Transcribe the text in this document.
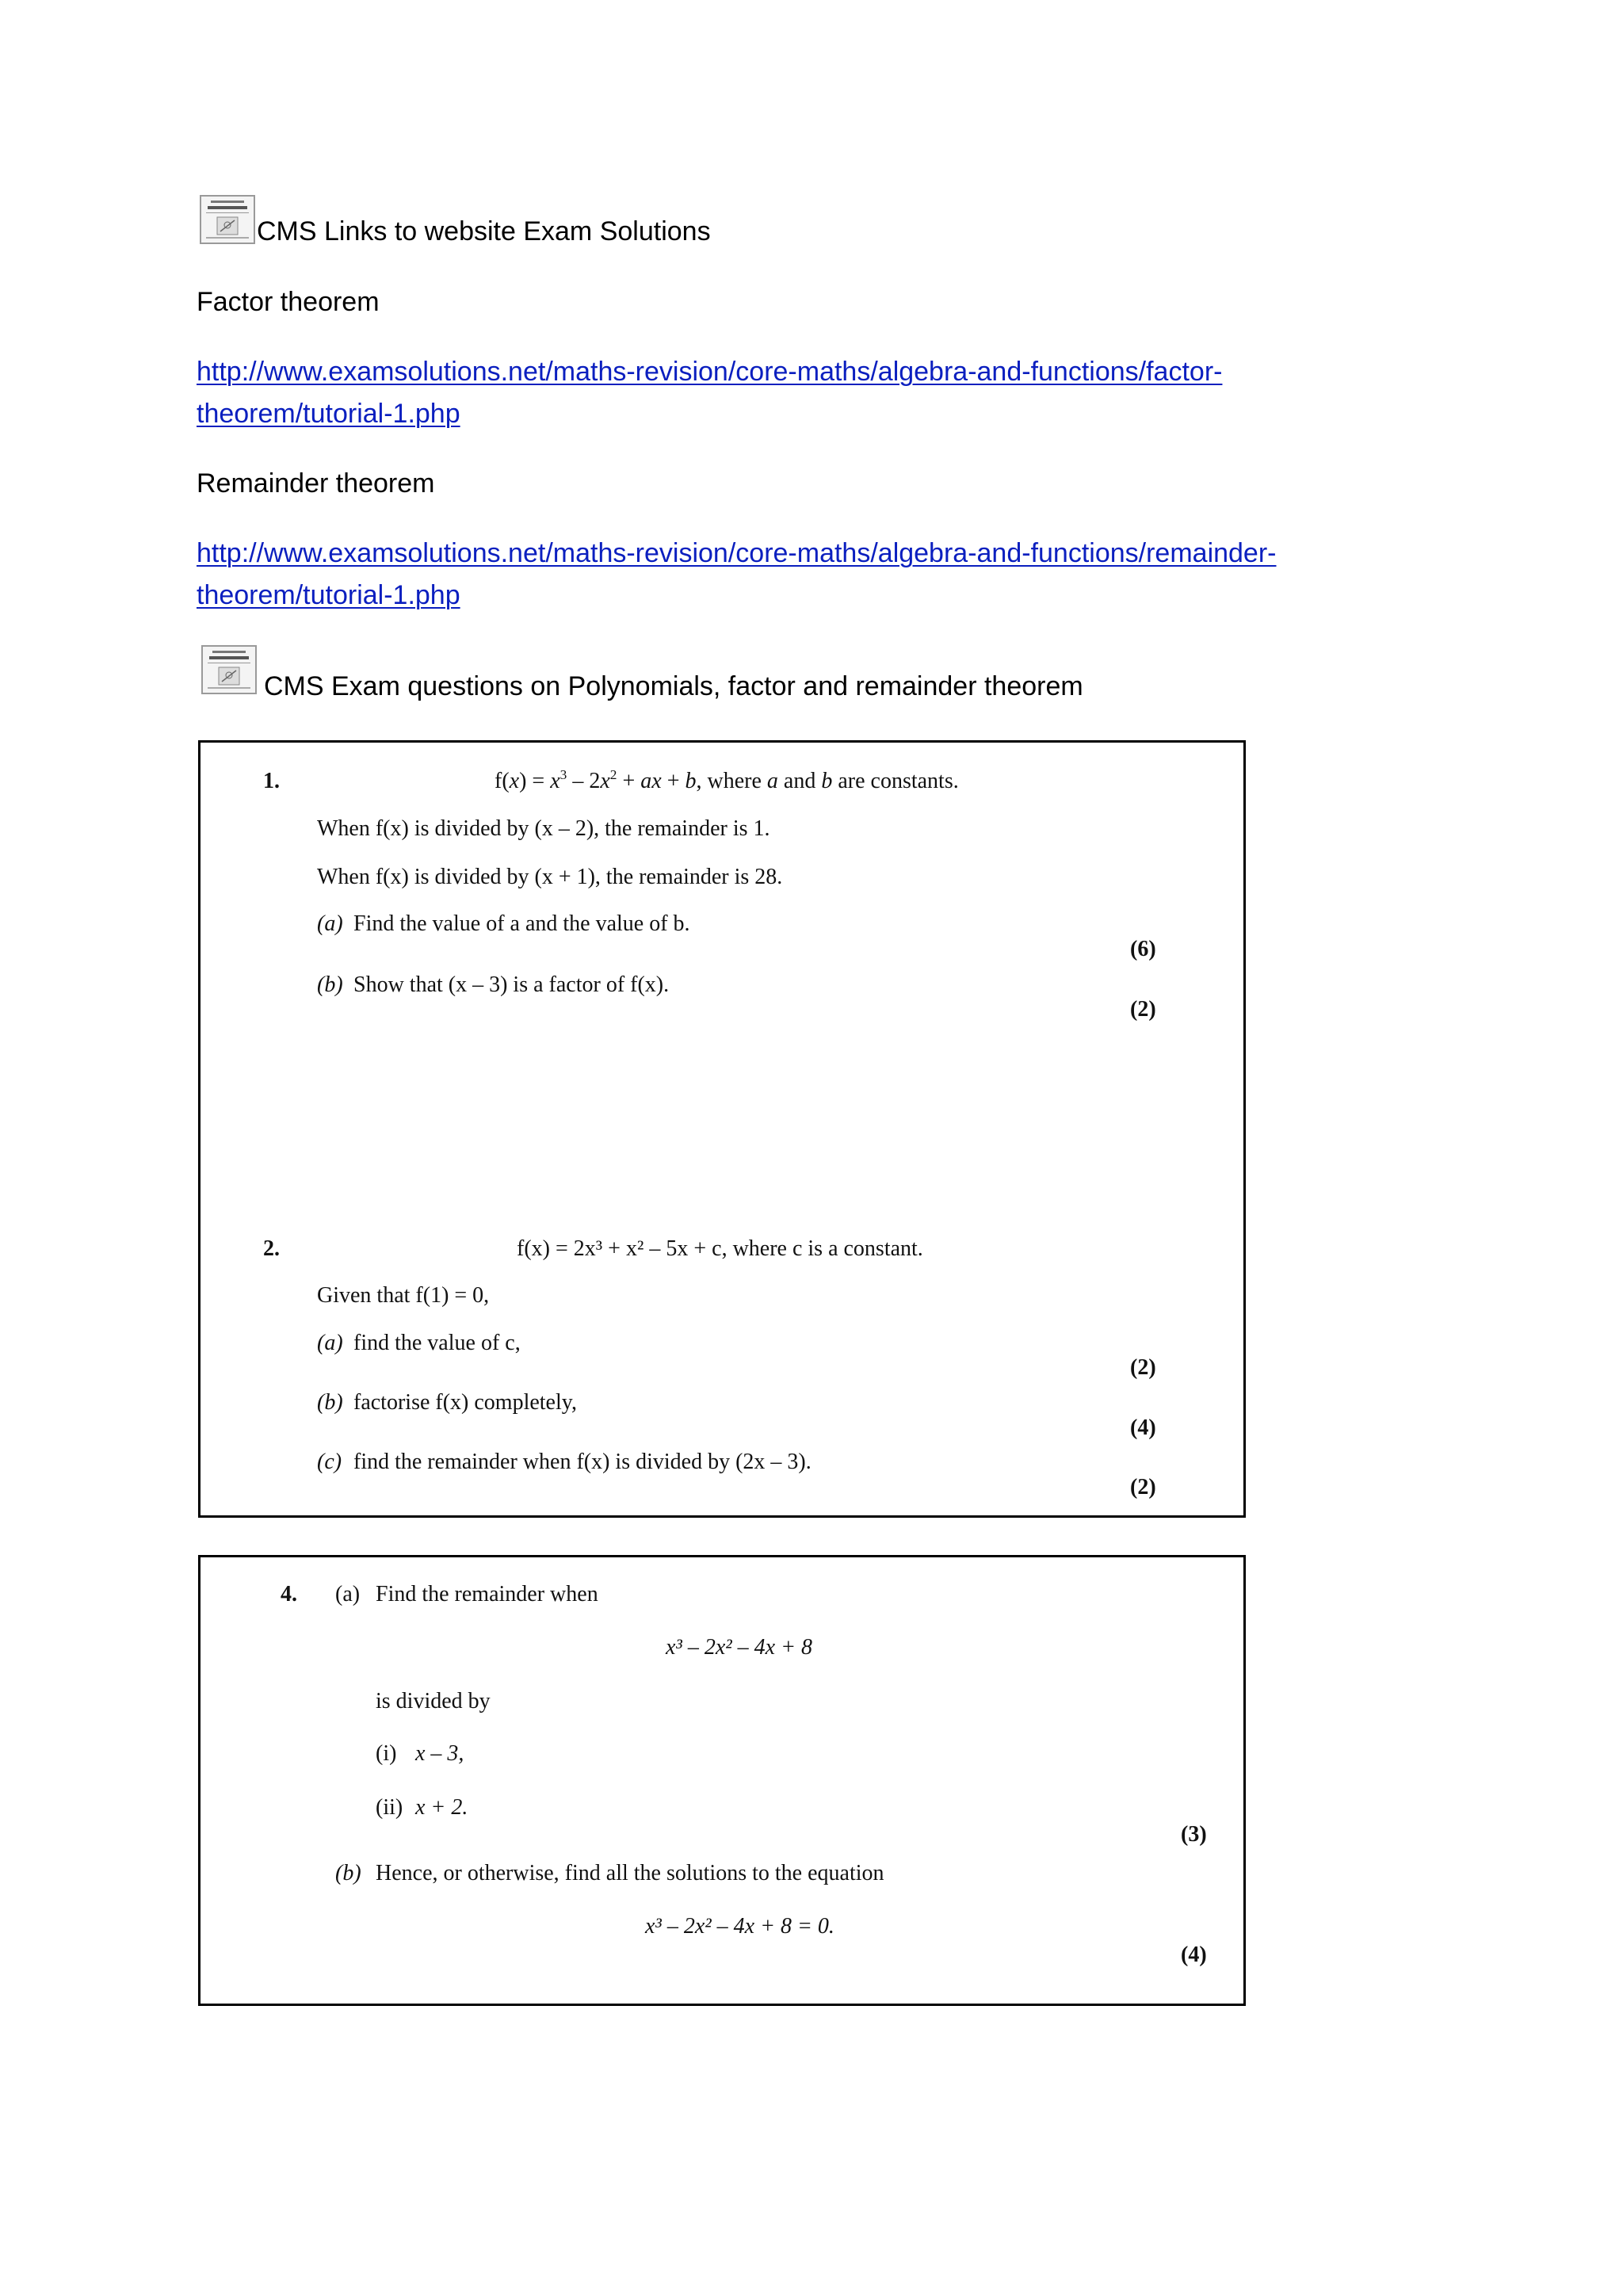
CMS Links to website Exam Solutions
Factor theorem
http://www.examsolutions.net/maths-revision/core-maths/algebra-and-functions/factor-
theorem/tutorial-1.php
Remainder theorem
http://www.examsolutions.net/maths-revision/core-maths/algebra-and-functions/remainder-
theorem/tutorial-1.php
CMS Exam questions on Polynomials, factor and remainder theorem
1.	$f(x) = x^3 - 2x^2$ + ax + b, where a and b are constants.
When f(x) is divided by (x – 2), the remainder is 1.
When f(x) is divided by (x + 1), the remainder is 28.
(a) Find the value of a and the value of b.
(6)
(b) Show that (x – 3) is a factor of f(x).
(2)
2.	f(x) = 2x³ + x² – 5x + c, where c is a constant.
Given that f(1) = 0,
(a) find the value of c,
(2)
(b) factorise f(x) completely,
(4)
(c) find the remainder when f(x) is divided by (2x – 3).
(2)
4. (a) Find the remainder when
x³ – 2x² – 4x + 8
is divided by
(i) x – 3,
(ii) x + 2.
(3)
(b) Hence, or otherwise, find all the solutions to the equation
x³ – 2x² – 4x + 8 = 0.
(4)
